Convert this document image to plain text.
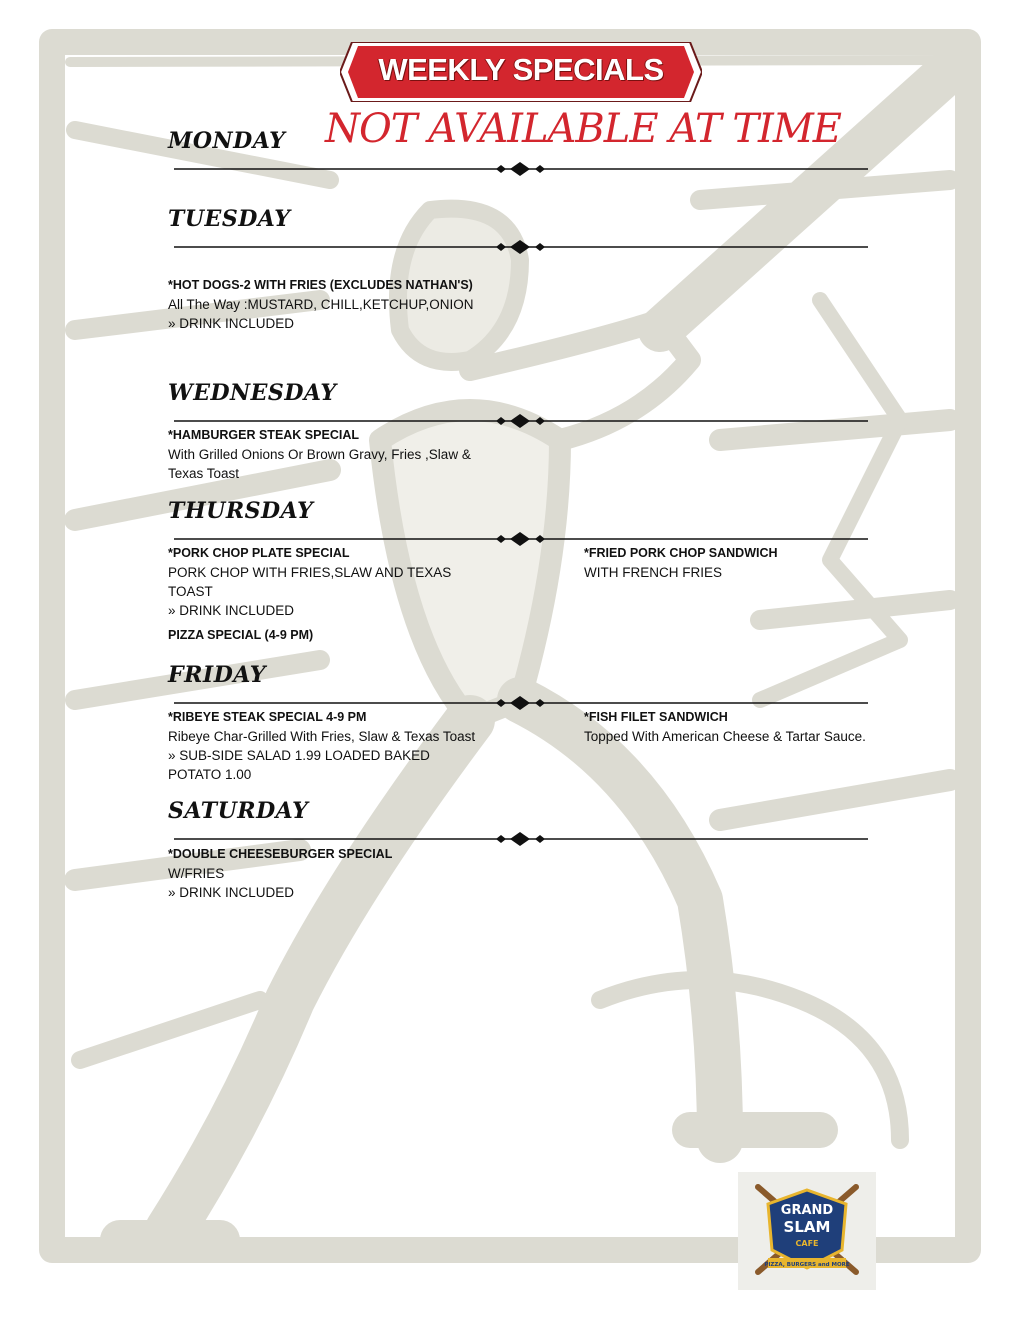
WEEKLY SPECIALS
NOT AVAILABLE AT TIME
MONDAY
TUESDAY
*HOT DOGS-2 WITH FRIES (EXCLUDES NATHAN'S)
All The Way :MUSTARD, CHILL,KETCHUP,ONION
» DRINK INCLUDED
WEDNESDAY
*HAMBURGER STEAK SPECIAL
With Grilled Onions Or Brown Gravy, Fries ,Slaw &
Texas Toast
THURSDAY
*PORK CHOP PLATE SPECIAL
PORK CHOP WITH FRIES,SLAW AND TEXAS
TOAST
» DRINK INCLUDED
*FRIED PORK CHOP SANDWICH
WITH FRENCH FRIES
PIZZA SPECIAL (4-9 PM)
FRIDAY
*RIBEYE STEAK SPECIAL 4-9 PM
Ribeye Char-Grilled With Fries, Slaw & Texas Toast
» SUB-SIDE SALAD 1.99 LOADED BAKED
POTATO 1.00
*FISH FILET SANDWICH
Topped With American Cheese & Tartar Sauce.
SATURDAY
*DOUBLE CHEESEBURGER SPECIAL
W/FRIES
» DRINK INCLUDED
GRAND
SLAM
CAFE
PIZZA, BURGERS and MORE
